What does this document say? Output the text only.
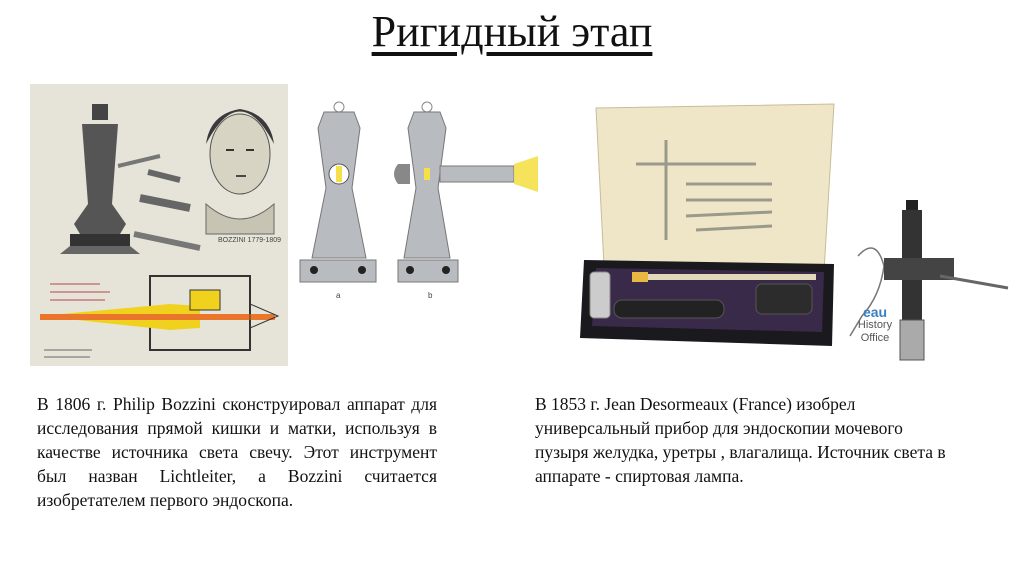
Ригидный этап
BOZZINI 1779-1809
a	b
eau
History
Office
В 1806 г. Philip Bozzini сконструировал аппарат для исследования прямой кишки и матки, используя в качестве источника света свечу. Этот инструмент был назван Lichtleiter, а Bozzini считается изобретателем первого эндоскопа.
В 1853 г. Jean Desormeaux (France) изобрел универсальный прибор для эндоскопии мочевого пузыря желудка, уретры , влагалища. Источник света в аппарате - спиртовая лампа.
